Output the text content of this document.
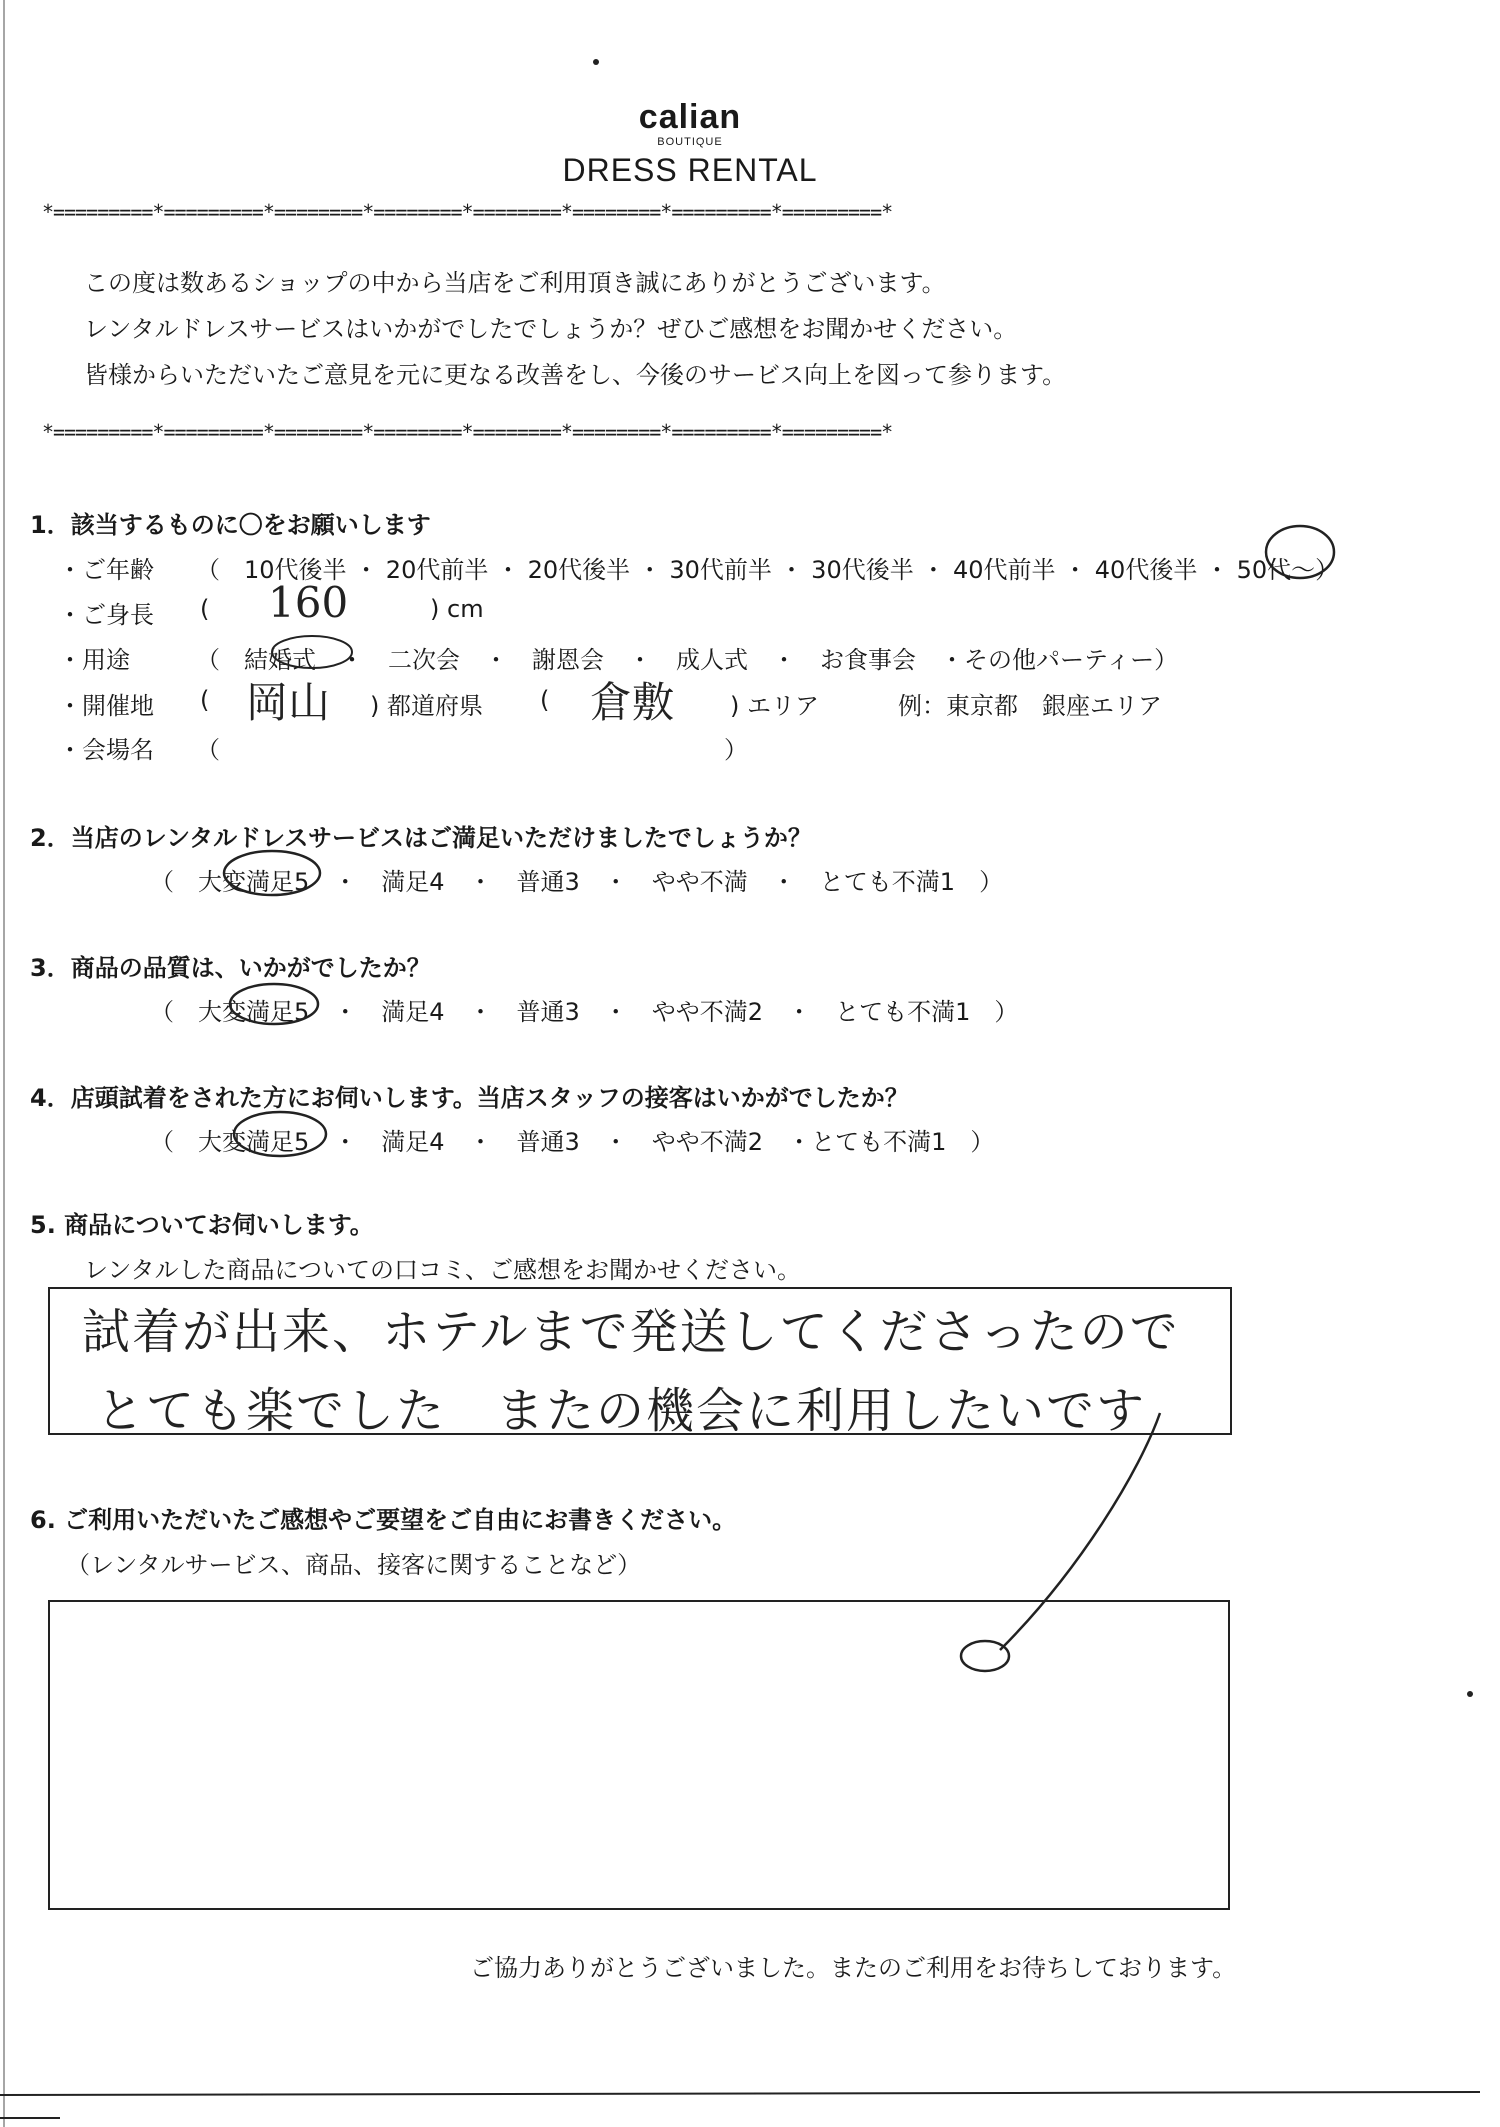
calian
BOUTIQUE
DRESS RENTAL
*=========*=========*========*========*========*========*=========*=========*
この度は数あるショップの中から当店をご利用頂き誠にありがとうございます。
レンタルドレスサービスはいかがでしたでしょうか？ぜひご感想をお聞かせください。
皆様からいただいたご意見を元に更なる改善をし、今後のサービス向上を図って参ります。
*=========*=========*========*========*========*========*=========*=========*
1．該当するものに〇をお願いします
・ご年齢 （　10代後半 ・ 20代前半 ・ 20代後半 ・ 30代前半 ・ 30代後半 ・ 40代前半 ・ 40代後半 ・ 50代～）
・ご身長 ( 160	) cm
・用途	（　結婚式　・　二次会　・　謝恩会　・　成人式　・　お食事会　・その他パーティー）
・開催地 ( 岡山 ) 都道府県 ( 倉敷 ) エリア	例：東京都　銀座エリア
・会場名 （　　　　　　　　　　　　　　　　　　　　　）
2．当店のレンタルドレスサービスはご満足いただけましたでしょうか？
（　大変満足5　・　満足4　・　普通3　・　やや不満　・　とても不満1　）
3．商品の品質は、いかがでしたか？
（　大変満足5　・　満足4　・　普通3　・　やや不満2　・　とても不満1　）
4．店頭試着をされた方にお伺いします。当店スタッフの接客はいかがでしたか？
（　大変満足5　・　満足4　・　普通3　・　やや不満2　・とても不満1　）
5. 商品についてお伺いします。
レンタルした商品についての口コミ、ご感想をお聞かせください。
試着が出来、ホテルまで発送してくださったので
とても楽でした　またの機会に利用したいです
6. ご利用いただいたご感想やご要望をご自由にお書きください。
（レンタルサービス、商品、接客に関することなど）
ご協力ありがとうございました。またのご利用をお待ちしております。
